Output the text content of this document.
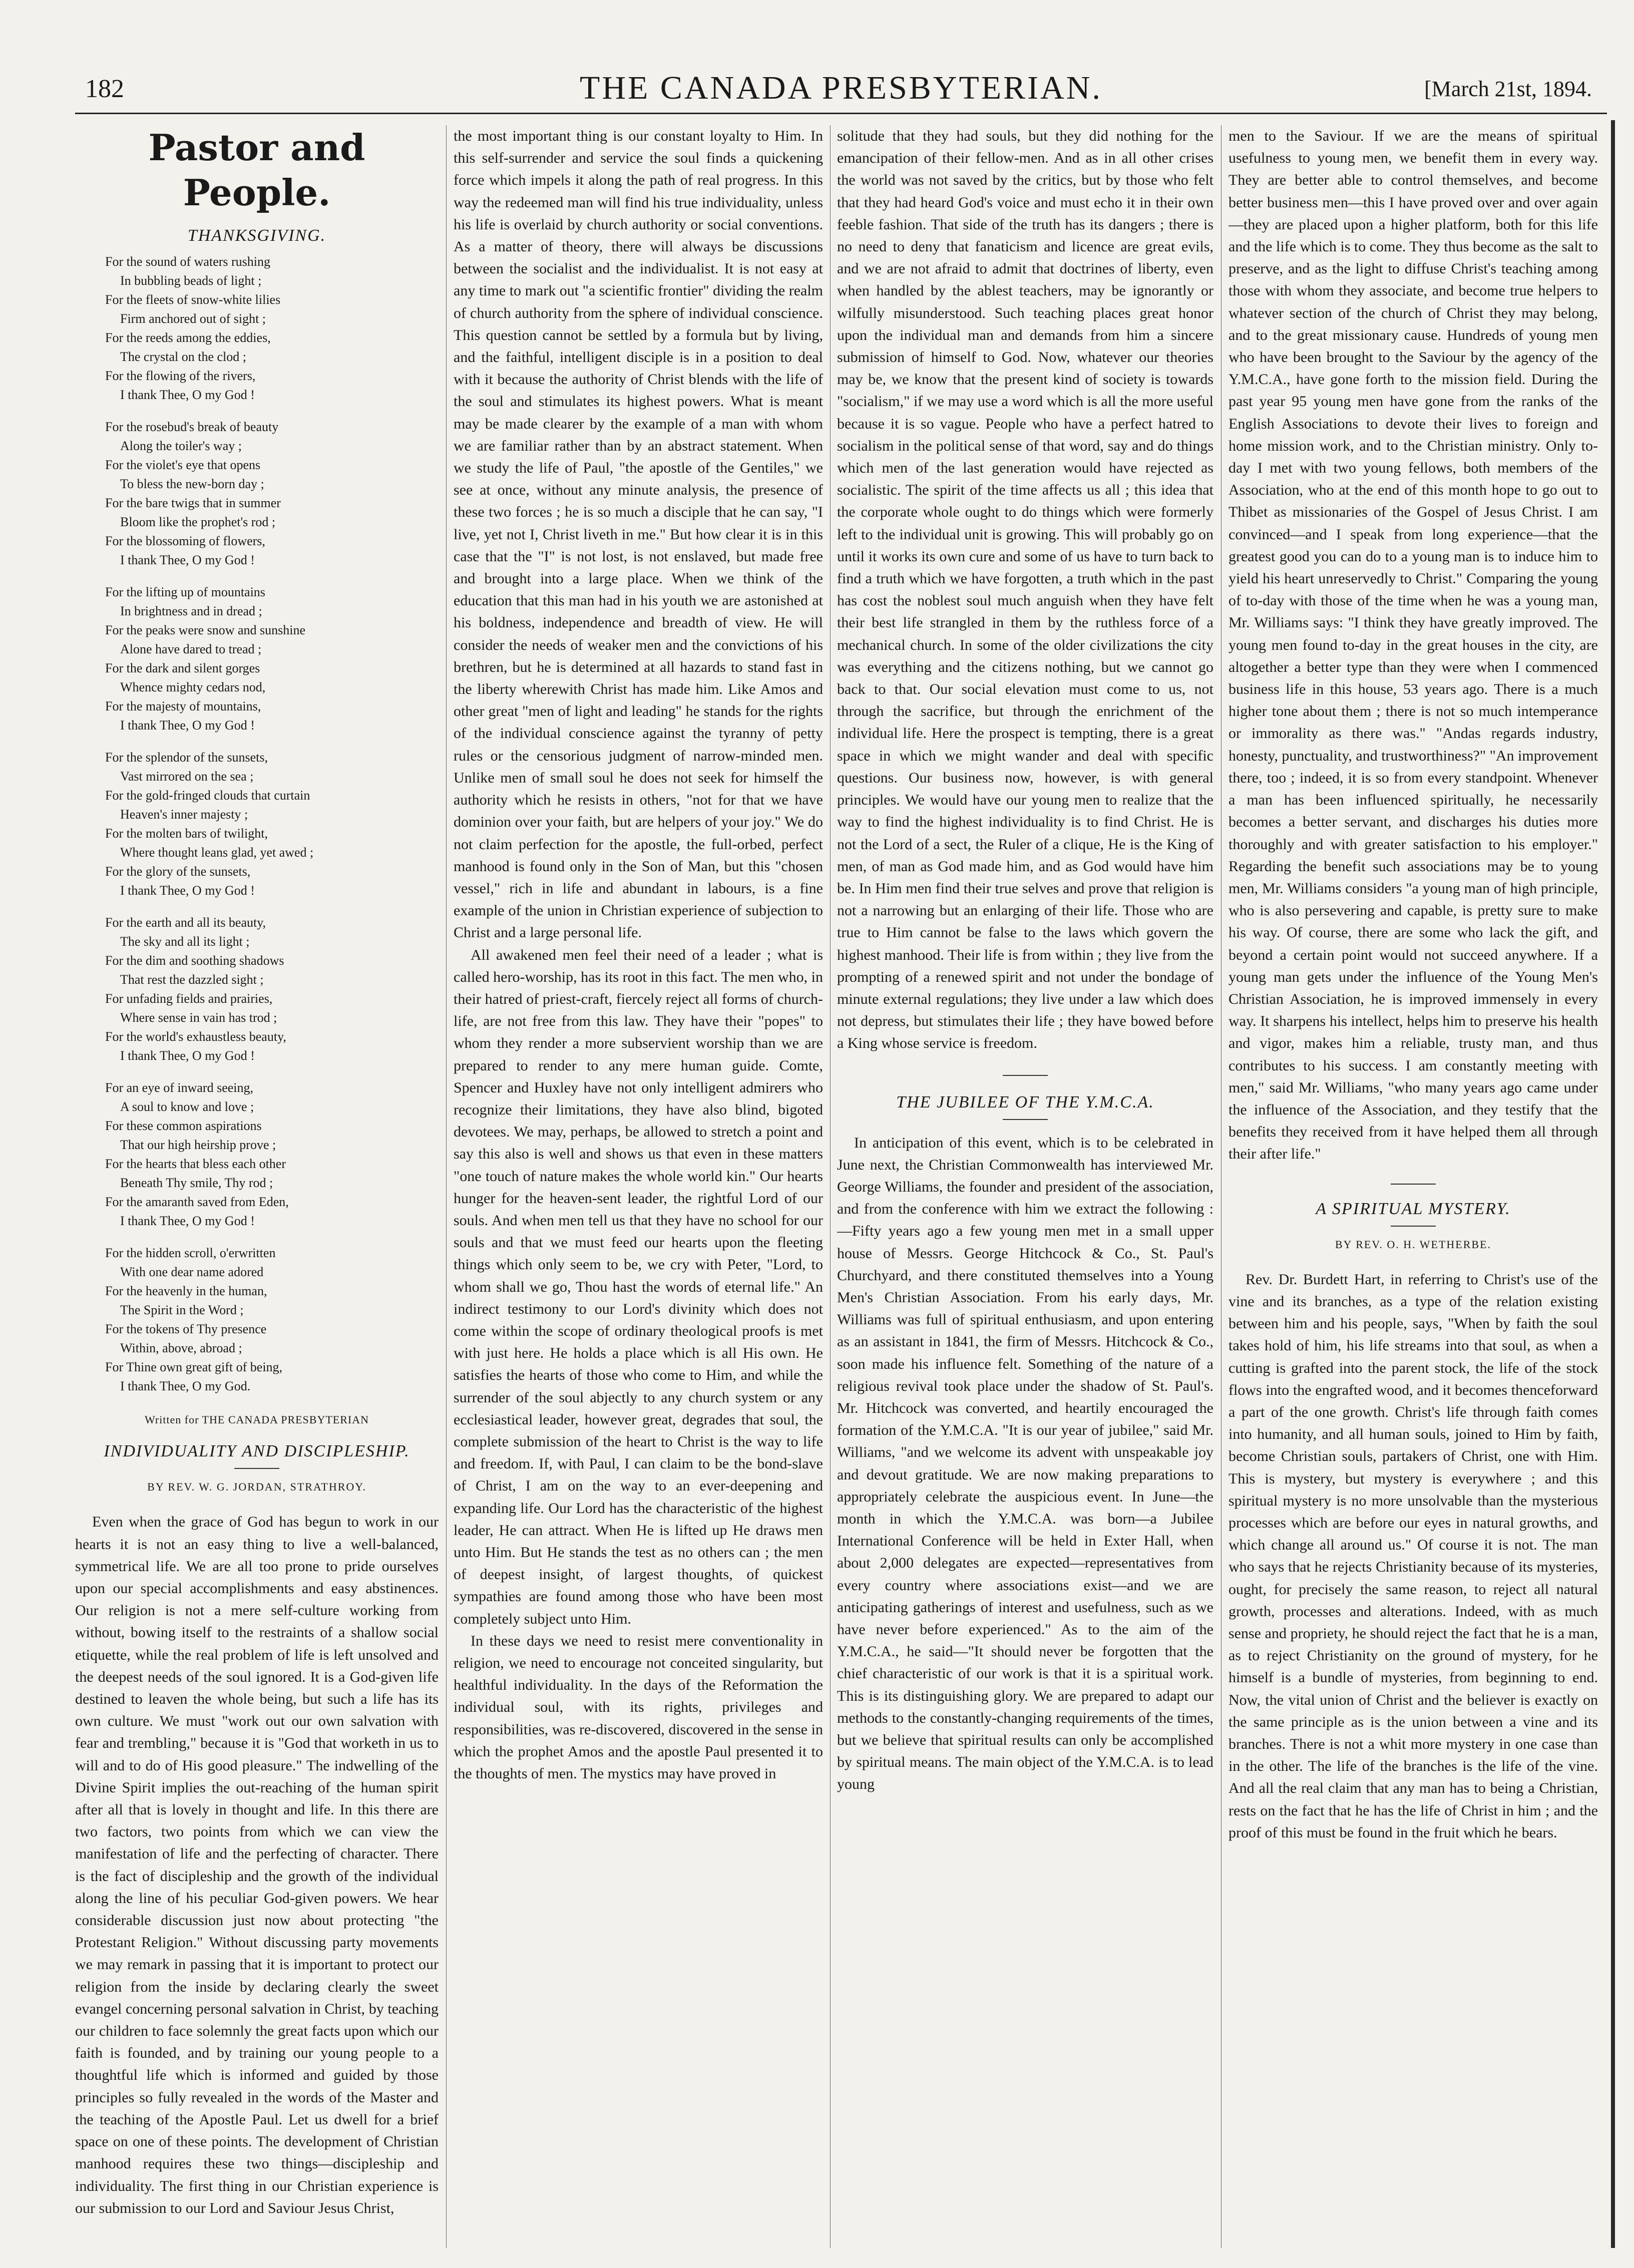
182	THE CANADA PRESBYTERIAN.	[March 21st, 1894.
Pastor and People.
THANKSGIVING.
For the sound of waters rushing
In bubbling beads of light ;
For the fleets of snow-white lilies
Firm anchored out of sight ;
For the reeds among the eddies,
The crystal on the clod ;
For the flowing of the rivers,
I thank Thee, O my God !
For the rosebud's break of beauty
Along the toiler's way ;
For the violet's eye that opens
To bless the new-born day ;
For the bare twigs that in summer
Bloom like the prophet's rod ;
For the blossoming of flowers,
I thank Thee, O my God !
For the lifting up of mountains
In brightness and in dread ;
For the peaks were snow and sunshine
Alone have dared to tread ;
For the dark and silent gorges
Whence mighty cedars nod,
For the majesty of mountains,
I thank Thee, O my God !
For the splendor of the sunsets,
Vast mirrored on the sea ;
For the gold-fringed clouds that curtain
Heaven's inner majesty ;
For the molten bars of twilight,
Where thought leans glad, yet awed ;
For the glory of the sunsets,
I thank Thee, O my God !
For the earth and all its beauty,
The sky and all its light ;
For the dim and soothing shadows
That rest the dazzled sight ;
For unfading fields and prairies,
Where sense in vain has trod ;
For the world's exhaustless beauty,
I thank Thee, O my God !
For an eye of inward seeing,
A soul to know and love ;
For these common aspirations
That our high heirship prove ;
For the hearts that bless each other
Beneath Thy smile, Thy rod ;
For the amaranth saved from Eden,
I thank Thee, O my God !
For the hidden scroll, o'erwritten
With one dear name adored
For the heavenly in the human,
The Spirit in the Word ;
For the tokens of Thy presence
Within, above, abroad ;
For Thine own great gift of being,
I thank Thee, O my God.
Written for THE CANADA PRESBYTERIAN
INDIVIDUALITY AND DISCIPLESHIP.
BY REV. W. G. JORDAN, STRATHROY.

Even when the grace of God has begun to work in our hearts it is not an easy thing to live a well-balanced, symmetrical life. We are all too prone to pride ourselves upon our special accomplishments and easy abstinences. Our religion is not a mere self-culture working from without, bowing itself to the restraints of a shallow social etiquette, while the real problem of life is left unsolved and the deepest needs of the soul ignored. It is a God-given life destined to leaven the whole being, but such a life has its own culture. We must "work out our own salvation with fear and trembling," because it is "God that worketh in us to will and to do of His good pleasure." The indwelling of the Divine Spirit implies the out-reaching of the human spirit after all that is lovely in thought and life. In this there are two factors, two points from which we can view the manifestation of life and the perfecting of character. There is the fact of discipleship and the growth of the individual along the line of his peculiar God-given powers. We hear considerable discussion just now about protecting "the Protestant Religion." Without discussing party movements we may remark in passing that it is important to protect our religion from the inside by declaring clearly the sweet evangel concerning personal salvation in Christ, by teaching our children to face solemnly the great facts upon which our faith is founded, and by training our young people to a thoughtful life which is informed and guided by those principles so fully revealed in the words of the Master and the teaching of the Apostle Paul. Let us dwell for a brief space on one of these points. The development of Christian manhood requires these two things—discipleship and individuality. The first thing in our Christian experience is our submission to our Lord and Saviour Jesus Christ,

the most important thing is our constant loyalty to Him. In this self-surrender and service the soul finds a quickening force which impels it along the path of real progress. In this way the redeemed man will find his true individuality, unless his life is overlaid by church authority or social conventions. As a matter of theory, there will always be discussions between the socialist and the individualist. It is not easy at any time to mark out "a scientific frontier" dividing the realm of church authority from the sphere of individual conscience. This question cannot be settled by a formula but by living, and the faithful, intelligent disciple is in a position to deal with it because the authority of Christ blends with the life of the soul and stimulates its highest powers. What is meant may be made clearer by the example of a man with whom we are familiar rather than by an abstract statement. When we study the life of Paul, "the apostle of the Gentiles," we see at once, without any minute analysis, the presence of these two forces ; he is so much a disciple that he can say, "I live, yet not I, Christ liveth in me." But how clear it is in this case that the "I" is not lost, is not enslaved, but made free and brought into a large place. When we think of the education that this man had in his youth we are astonished at his boldness, independence and breadth of view. He will consider the needs of weaker men and the convictions of his brethren, but he is determined at all hazards to stand fast in the liberty wherewith Christ has made him. Like Amos and other great "men of light and leading" he stands for the rights of the individual conscience against the tyranny of petty rules or the censorious judgment of narrow-minded men. Unlike men of small soul he does not seek for himself the authority which he resists in others, "not for that we have dominion over your faith, but are helpers of your joy." We do not claim perfection for the apostle, the full-orbed, perfect manhood is found only in the Son of Man, but this "chosen vessel," rich in life and abundant in labours, is a fine example of the union in Christian experience of subjection to Christ and a large personal life.

All awakened men feel their need of a leader ; what is called hero-worship, has its root in this fact. The men who, in their hatred of priest-craft, fiercely reject all forms of church-life, are not free from this law. They have their "popes" to whom they render a more subservient worship than we are prepared to render to any mere human guide. Comte, Spencer and Huxley have not only intelligent admirers who recognize their limitations, they have also blind, bigoted devotees. We may, perhaps, be allowed to stretch a point and say this also is well and shows us that even in these matters "one touch of nature makes the whole world kin." Our hearts hunger for the heaven-sent leader, the rightful Lord of our souls. And when men tell us that they have no school for our souls and that we must feed our hearts upon the fleeting things which only seem to be, we cry with Peter, "Lord, to whom shall we go, Thou hast the words of eternal life." An indirect testimony to our Lord's divinity which does not come within the scope of ordinary theological proofs is met with just here. He holds a place which is all His own. He satisfies the hearts of those who come to Him, and while the surrender of the soul abjectly to any church system or any ecclesiastical leader, however great, degrades that soul, the complete submission of the heart to Christ is the way to life and freedom. If, with Paul, I can claim to be the bond-slave of Christ, I am on the way to an ever-deepening and expanding life. Our Lord has the characteristic of the highest leader, He can attract. When He is lifted up He draws men unto Him. But He stands the test as no others can ; the men of deepest insight, of largest thoughts, of quickest sympathies are found among those who have been most completely subject unto Him.

In these days we need to resist mere conventionality in religion, we need to encourage not conceited singularity, but healthful individuality. In the days of the Reformation the individual soul, with its rights, privileges and responsibilities, was re-discovered, discovered in the sense in which the prophet Amos and the apostle Paul presented it to the thoughts of men. The mystics may have proved in

solitude that they had souls, but they did nothing for the emancipation of their fellow-men. And as in all other crises the world was not saved by the critics, but by those who felt that they had heard God's voice and must echo it in their own feeble fashion. That side of the truth has its dangers ; there is no need to deny that fanaticism and licence are great evils, and we are not afraid to admit that doctrines of liberty, even when handled by the ablest teachers, may be ignorantly or wilfully misunderstood. Such teaching places great honor upon the individual man and demands from him a sincere submission of himself to God. Now, whatever our theories may be, we know that the present kind of society is towards "socialism," if we may use a word which is all the more useful because it is so vague. People who have a perfect hatred to socialism in the political sense of that word, say and do things which men of the last generation would have rejected as socialistic. The spirit of the time affects us all ; this idea that the corporate whole ought to do things which were formerly left to the individual unit is growing. This will probably go on until it works its own cure and some of us have to turn back to find a truth which we have forgotten, a truth which in the past has cost the noblest soul much anguish when they have felt their best life strangled in them by the ruthless force of a mechanical church. In some of the older civilizations the city was everything and the citizens nothing, but we cannot go back to that. Our social elevation must come to us, not through the sacrifice, but through the enrichment of the individual life. Here the prospect is tempting, there is a great space in which we might wander and deal with specific questions. Our business now, however, is with general principles. We would have our young men to realize that the way to find the highest individuality is to find Christ. He is not the Lord of a sect, the Ruler of a clique, He is the King of men, of man as God made him, and as God would have him be. In Him men find their true selves and prove that religion is not a narrowing but an enlarging of their life. Those who are true to Him cannot be false to the laws which govern the highest manhood. Their life is from within ; they live from the prompting of a renewed spirit and not under the bondage of minute external regulations; they live under a law which does not depress, but stimulates their life ; they have bowed before a King whose service is freedom.

THE JUBILEE OF THE Y.M.C.A.

In anticipation of this event, which is to be celebrated in June next, the Christian Commonwealth has interviewed Mr. George Williams, the founder and president of the association, and from the conference with him we extract the following :—Fifty years ago a few young men met in a small upper house of Messrs. George Hitchcock & Co., St. Paul's Churchyard, and there constituted themselves into a Young Men's Christian Association. From his early days, Mr. Williams was full of spiritual enthusiasm, and upon entering as an assistant in 1841, the firm of Messrs. Hitchcock & Co., soon made his influence felt. Something of the nature of a religious revival took place under the shadow of St. Paul's. Mr. Hitchcock was converted, and heartily encouraged the formation of the Y.M.C.A. "It is our year of jubilee," said Mr. Williams, "and we welcome its advent with unspeakable joy and devout gratitude. We are now making preparations to appropriately celebrate the auspicious event. In June—the month in which the Y.M.C.A. was born—a Jubilee International Conference will be held in Exter Hall, when about 2,000 delegates are expected—representatives from every country where associations exist—and we are anticipating gatherings of interest and usefulness, such as we have never before experienced." As to the aim of the Y.M.C.A., he said—"It should never be forgotten that the chief characteristic of our work is that it is a spiritual work. This is its distinguishing glory. We are prepared to adapt our methods to the constantly-changing requirements of the times, but we believe that spiritual results can only be accomplished by spiritual means. The main object of the Y.M.C.A. is to lead young

men to the Saviour. If we are the means of spiritual usefulness to young men, we benefit them in every way. They are better able to control themselves, and become better business men—this I have proved over and over again—they are placed upon a higher platform, both for this life and the life which is to come. They thus become as the salt to preserve, and as the light to diffuse Christ's teaching among those with whom they associate, and become true helpers to whatever section of the church of Christ they may belong, and to the great missionary cause. Hundreds of young men who have been brought to the Saviour by the agency of the Y.M.C.A., have gone forth to the mission field. During the past year 95 young men have gone from the ranks of the English Associations to devote their lives to foreign and home mission work, and to the Christian ministry. Only to-day I met with two young fellows, both members of the Association, who at the end of this month hope to go out to Thibet as missionaries of the Gospel of Jesus Christ. I am convinced—and I speak from long experience—that the greatest good you can do to a young man is to induce him to yield his heart unreservedly to Christ." Comparing the young of to-day with those of the time when he was a young man, Mr. Williams says: "I think they have greatly improved. The young men found to-day in the great houses in the city, are altogether a better type than they were when I commenced business life in this house, 53 years ago. There is a much higher tone about them ; there is not so much intemperance or immorality as there was." "Andas regards industry, honesty, punctuality, and trustworthiness?" "An improvement there, too ; indeed, it is so from every standpoint. Whenever a man has been influenced spiritually, he necessarily becomes a better servant, and discharges his duties more thoroughly and with greater satisfaction to his employer." Regarding the benefit such associations may be to young men, Mr. Williams considers "a young man of high principle, who is also persevering and capable, is pretty sure to make his way. Of course, there are some who lack the gift, and beyond a certain point would not succeed anywhere. If a young man gets under the influence of the Young Men's Christian Association, he is improved immensely in every way. It sharpens his intellect, helps him to preserve his health and vigor, makes him a reliable, trusty man, and thus contributes to his success. I am constantly meeting with men," said Mr. Williams, "who many years ago came under the influence of the Association, and they testify that the benefits they received from it have helped them all through their after life."

A SPIRITUAL MYSTERY.
BY REV. O. H. WETHERBE.

Rev. Dr. Burdett Hart, in referring to Christ's use of the vine and its branches, as a type of the relation existing between him and his people, says, "When by faith the soul takes hold of him, his life streams into that soul, as when a cutting is grafted into the parent stock, the life of the stock flows into the engrafted wood, and it becomes thenceforward a part of the one growth. Christ's life through faith comes into humanity, and all human souls, joined to Him by faith, become Christian souls, partakers of Christ, one with Him. This is mystery, but mystery is everywhere ; and this spiritual mystery is no more unsolvable than the mysterious processes which are before our eyes in natural growths, and which change all around us." Of course it is not. The man who says that he rejects Christianity because of its mysteries, ought, for precisely the same reason, to reject all natural growth, processes and alterations. Indeed, with as much sense and propriety, he should reject the fact that he is a man, as to reject Christianity on the ground of mystery, for he himself is a bundle of mysteries, from beginning to end. Now, the vital union of Christ and the believer is exactly on the same principle as is the union between a vine and its branches. There is not a whit more mystery in one case than in the other. The life of the branches is the life of the vine. And all the real claim that any man has to being a Christian, rests on the fact that he has the life of Christ in him ; and the proof of this must be found in the fruit which he bears.
